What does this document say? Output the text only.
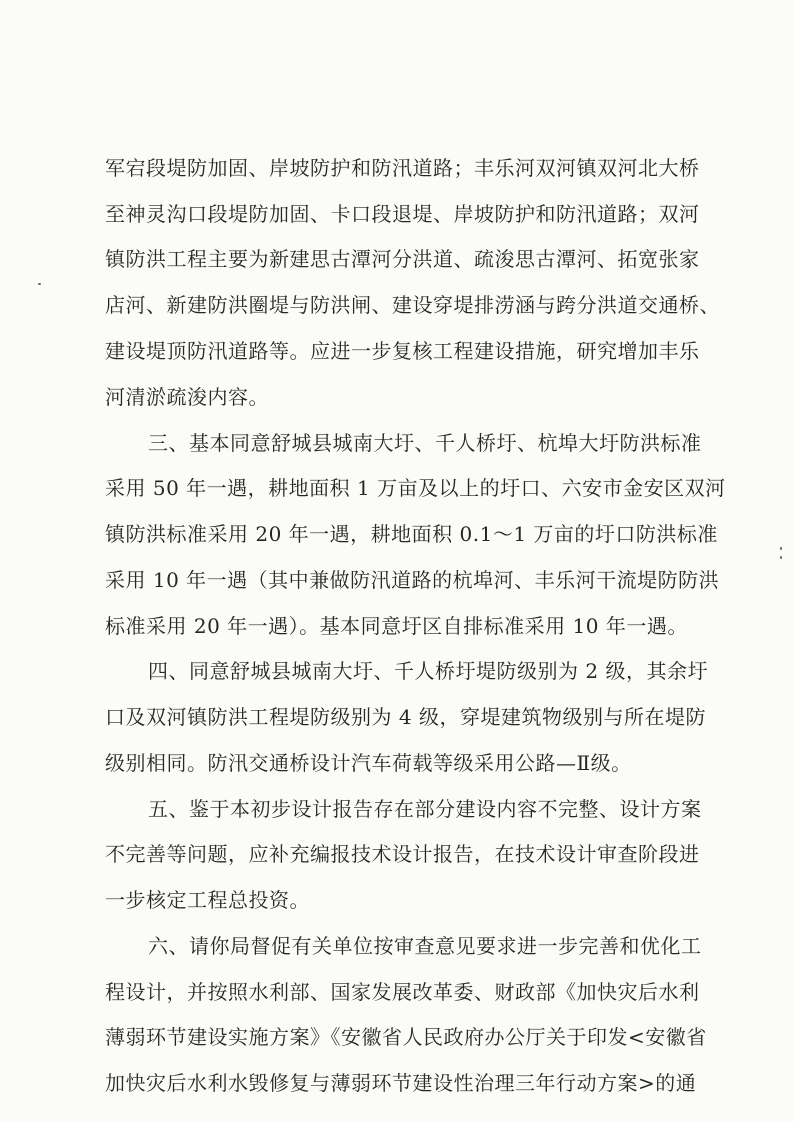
军宕段堤防加固、岸坡防护和防汛道路；丰乐河双河镇双河北大桥
至神灵沟口段堤防加固、卡口段退堤、岸坡防护和防汛道路；双河
镇防洪工程主要为新建思古潭河分洪道、疏浚思古潭河、拓宽张家
店河、新建防洪圈堤与防洪闸、建设穿堤排涝涵与跨分洪道交通桥、
建设堤顶防汛道路等。应进一步复核工程建设措施，研究增加丰乐
河清淤疏浚内容。
三、基本同意舒城县城南大圩、千人桥圩、杭埠大圩防洪标准
采用 50 年一遇，耕地面积 1 万亩及以上的圩口、六安市金安区双河
镇防洪标准采用 20 年一遇，耕地面积 0.1～1 万亩的圩口防洪标准
采用 10 年一遇（其中兼做防汛道路的杭埠河、丰乐河干流堤防防洪
标准采用 20 年一遇）。基本同意圩区自排标准采用 10 年一遇。
四、同意舒城县城南大圩、千人桥圩堤防级别为 2 级，其余圩
口及双河镇防洪工程堤防级别为 4 级，穿堤建筑物级别与所在堤防
级别相同。防汛交通桥设计汽车荷载等级采用公路—Ⅱ级。
五、鉴于本初步设计报告存在部分建设内容不完整、设计方案
不完善等问题，应补充编报技术设计报告，在技术设计审查阶段进
一步核定工程总投资。
六、请你局督促有关单位按审查意见要求进一步完善和优化工
程设计，并按照水利部、国家发展改革委、财政部《加快灾后水利
薄弱环节建设实施方案》《安徽省人民政府办公厅关于印发<安徽省
加快灾后水利水毁修复与薄弱环节建设性治理三年行动方案>的通
